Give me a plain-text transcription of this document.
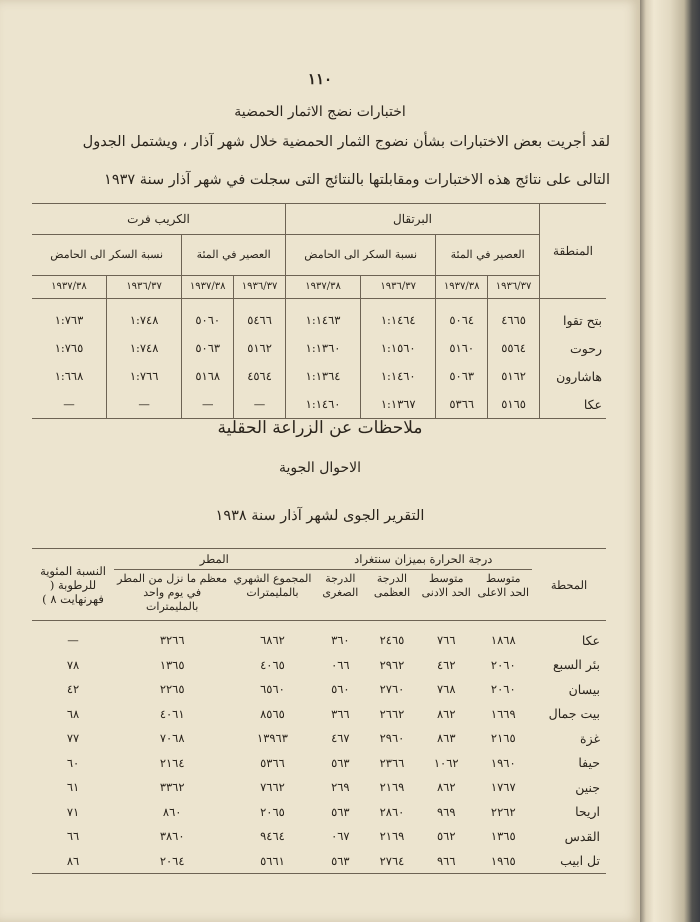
١١٠
اختبارات نضج الاثمار الحمضية
لقد أجريت بعض الاختبارات بشأن نضوج الثمار الحمضية خلال شهر آذار ، ويشتمل الجدول
التالى على نتائج هذه الاختبارات ومقابلتها بالنتائج التى سجلت في شهر آذار سنة ١٩٣٧
المنطقة	البرتقال				الكريب فرت			
	العصير في المئة		نسبة السكر الى الحامض		العصير في المئة		نسبة السكر الى الحامض	
	١٩٣٦/٣٧	١٩٣٧/٣٨	١٩٣٦/٣٧	١٩٣٧/٣٨	١٩٣٦/٣٧	١٩٣٧/٣٨	١٩٣٦/٣٧	١٩٣٧/٣٨
بتح تقوا	٤٦٦٥	٥٠٦٤	١:١٤٦٤	١:١٤٦٣	٥٤٦٦	٥٠٦٠	١:٧٤٨	١:٧٦٣
رحوت	٥٥٦٤	٥١٦٠	١:١٥٦٠	١:١٣٦٠	٥١٦٢	٥٠٦٣	١:٧٤٨	١:٧٦٥
هاشارون	٥١٦٢	٥٠٦٣	١:١٤٦٠	١:١٣٦٤	٤٥٦٤	٥١٦٨	١:٧٦٦	١:٦٦٨
عكا	٥١٦٥	٥٣٦٦	١:١٣٦٧	١:١٤٦٠	—	—	—	—
ملاحظات عن الزراعة الحقلية
الاحوال الجوية
التقرير الجوى لشهر آذار سنة ١٩٣٨
المحطة	درجة الحرارة بميزان سنتغراد				المطر		النسبة المئوية للرطوبة ( فهرنهايت ٨ )
	متوسط الحد الاعلى	متوسط الحد الادنى	الدرجة العظمى	الدرجة الصغرى	المجموع الشهري بالمليمترات	معظم ما نزل من المطر في يوم واحد بالمليمترات	
عكا	١٨٦٨	٧٦٦	٢٤٦٥	٣٦٠	٦٨٦٢	٣٢٦٦	—
بئر السبع	٢٠٦٠	٤٦٢	٢٩٦٢	٠٦٦	٤٠٦٥	١٣٦٥	٧٨
بيسان	٢٠٦٠	٧٦٨	٢٧٦٠	٥٦٠	٦٥٦٠	٢٢٦٥	٤٢
بيت جمال	١٦٦٩	٨٦٢	٢٦٦٢	٣٦٦	٨٥٦٥	٤٠٦١	٦٨
غزة	٢١٦٥	٨٦٣	٢٩٦٠	٤٦٧	١٣٩٦٣	٧٠٦٨	٧٧
حيفا	١٩٦٠	١٠٦٢	٢٣٦٦	٥٦٣	٥٣٦٦	٢١٦٤	٦٠
جنين	١٧٦٧	٨٦٢	٢١٦٩	٢٦٩	٧٦٦٢	٣٣٦٢	٦١
اريحا	٢٢٦٢	٩٦٩	٢٨٦٠	٥٦٣	٢٠٦٥	٨٦٠	٧١
القدس	١٣٦٥	٥٦٢	٢١٦٩	٠٦٧	٩٤٦٤	٣٨٦٠	٦٦
تل ابيب	١٩٦٥	٩٦٦	٢٧٦٤	٥٦٣	٥٦٦١	٢٠٦٤	٨٦
